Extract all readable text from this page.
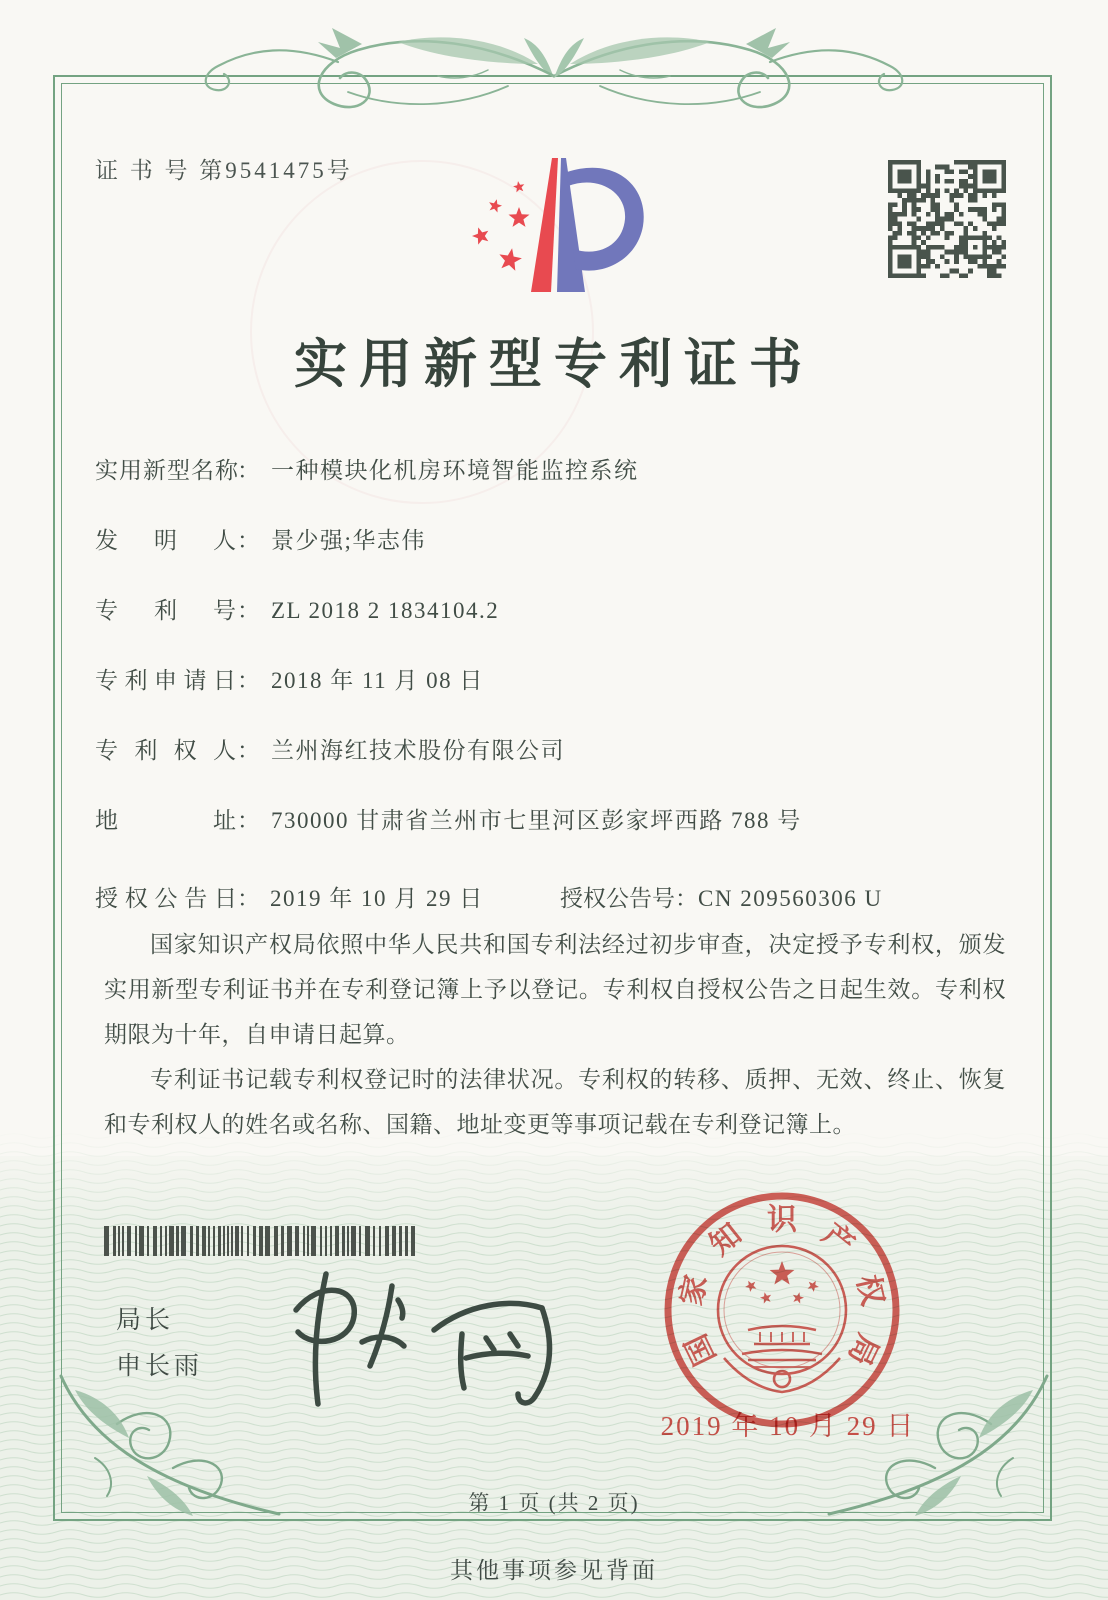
证 书 号 第9541475号
实用新型专利证书
实用新型名称： 一种模块化机房环境智能监控系统
发明人： 景少强;华志伟
专利号： ZL 2018 2 1834104.2
专利申请日： 2018 年 11 月 08 日
专利权人： 兰州海红技术股份有限公司
地址： 730000 甘肃省兰州市七里河区彭家坪西路 788 号
授权公告日： 2019 年 10 月 29 日	授权公告号：CN 209560306 U

国家知识产权局依照中华人民共和国专利法经过初步审查，决定授予专利权，颁发实用新型专利证书并在专利登记簿上予以登记。专利权自授权公告之日起生效。专利权期限为十年，自申请日起算。

专利证书记载专利权登记时的法律状况。专利权的转移、质押、无效、终止、恢复和专利权人的姓名或名称、国籍、地址变更等事项记载在专利登记簿上。

局长
申长雨	国
家
知 识 产
权
局
2019 年 10 月 29 日
第 1 页 (共 2 页)
其他事项参见背面
